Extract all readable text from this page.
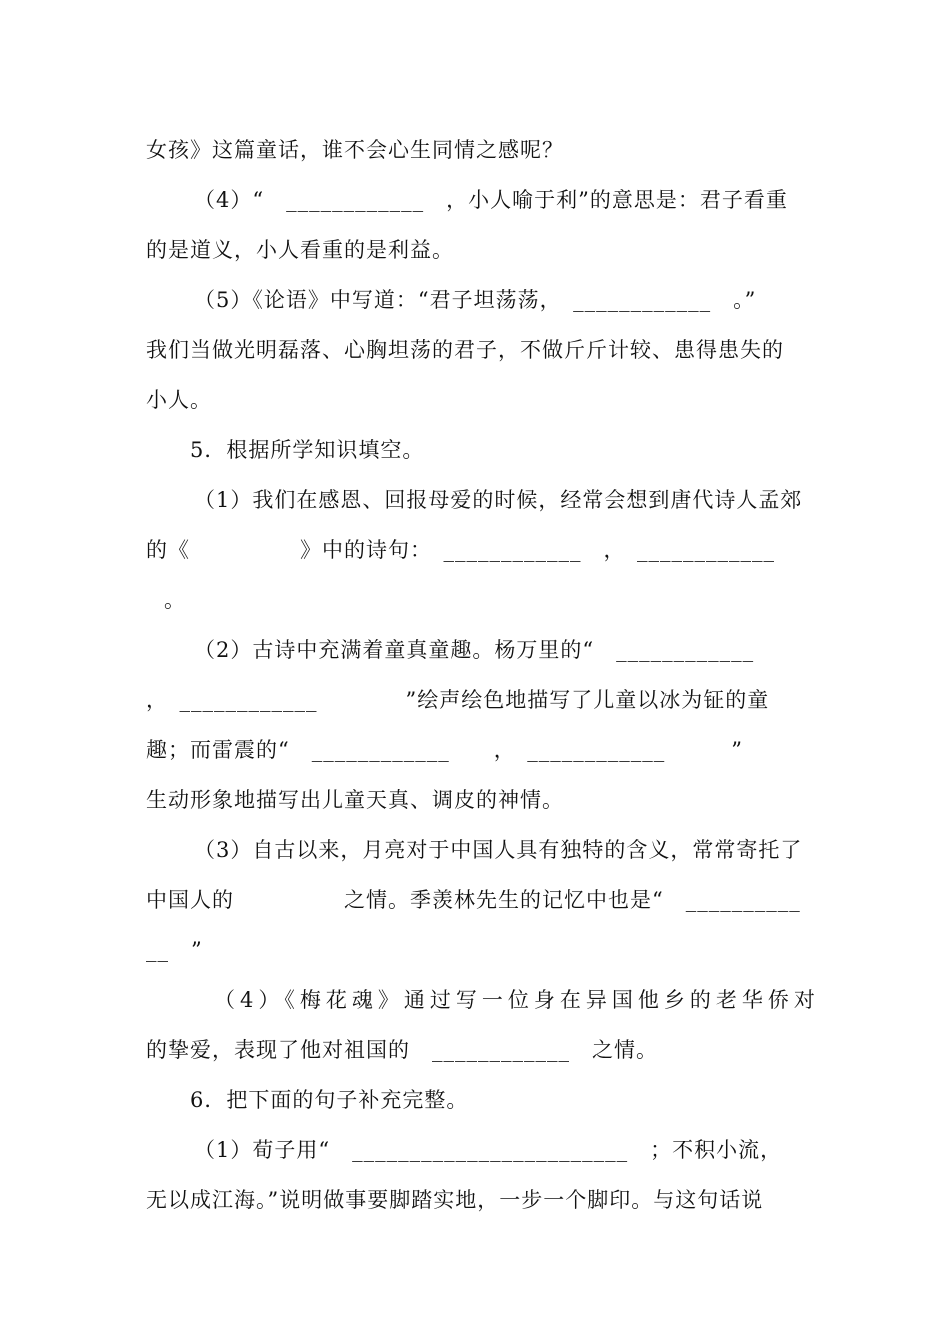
女孩》这篇童话，谁不会心生同情之感呢？
（4）“　____________　，小人喻于利”的意思是：君子看重
的是道义，小人看重的是利益。
（5）《论语》中写道：“君子坦荡荡，　____________　。”
我们当做光明磊落、心胸坦荡的君子，不做斤斤计较、患得患失的
小人。
5．根据所学知识填空。
（1）我们在感恩、回报母爱的时候，经常会想到唐代诗人孟郊
的《　　　　　》中的诗句：　____________　，　____________
。
（2）古诗中充满着童真童趣。杨万里的“　____________
，　____________　　　　”绘声绘色地描写了儿童以冰为钲的童
趣；而雷震的“　____________　　，　____________　　　”
生动形象地描写出儿童天真、调皮的神情。
（3）自古以来，月亮对于中国人具有独特的含义，常常寄托了
中国人的　　　　　之情。季羡林先生的记忆中也是“　__________
__　”
（4）《梅花魂》通过写一位身在异国他乡的老华侨对
的挚爱，表现了他对祖国的　____________　之情。
6．把下面的句子补充完整。
（1）荀子用“　________________________　；不积小流，
无以成江海。”说明做事要脚踏实地，一步一个脚印。与这句话说
